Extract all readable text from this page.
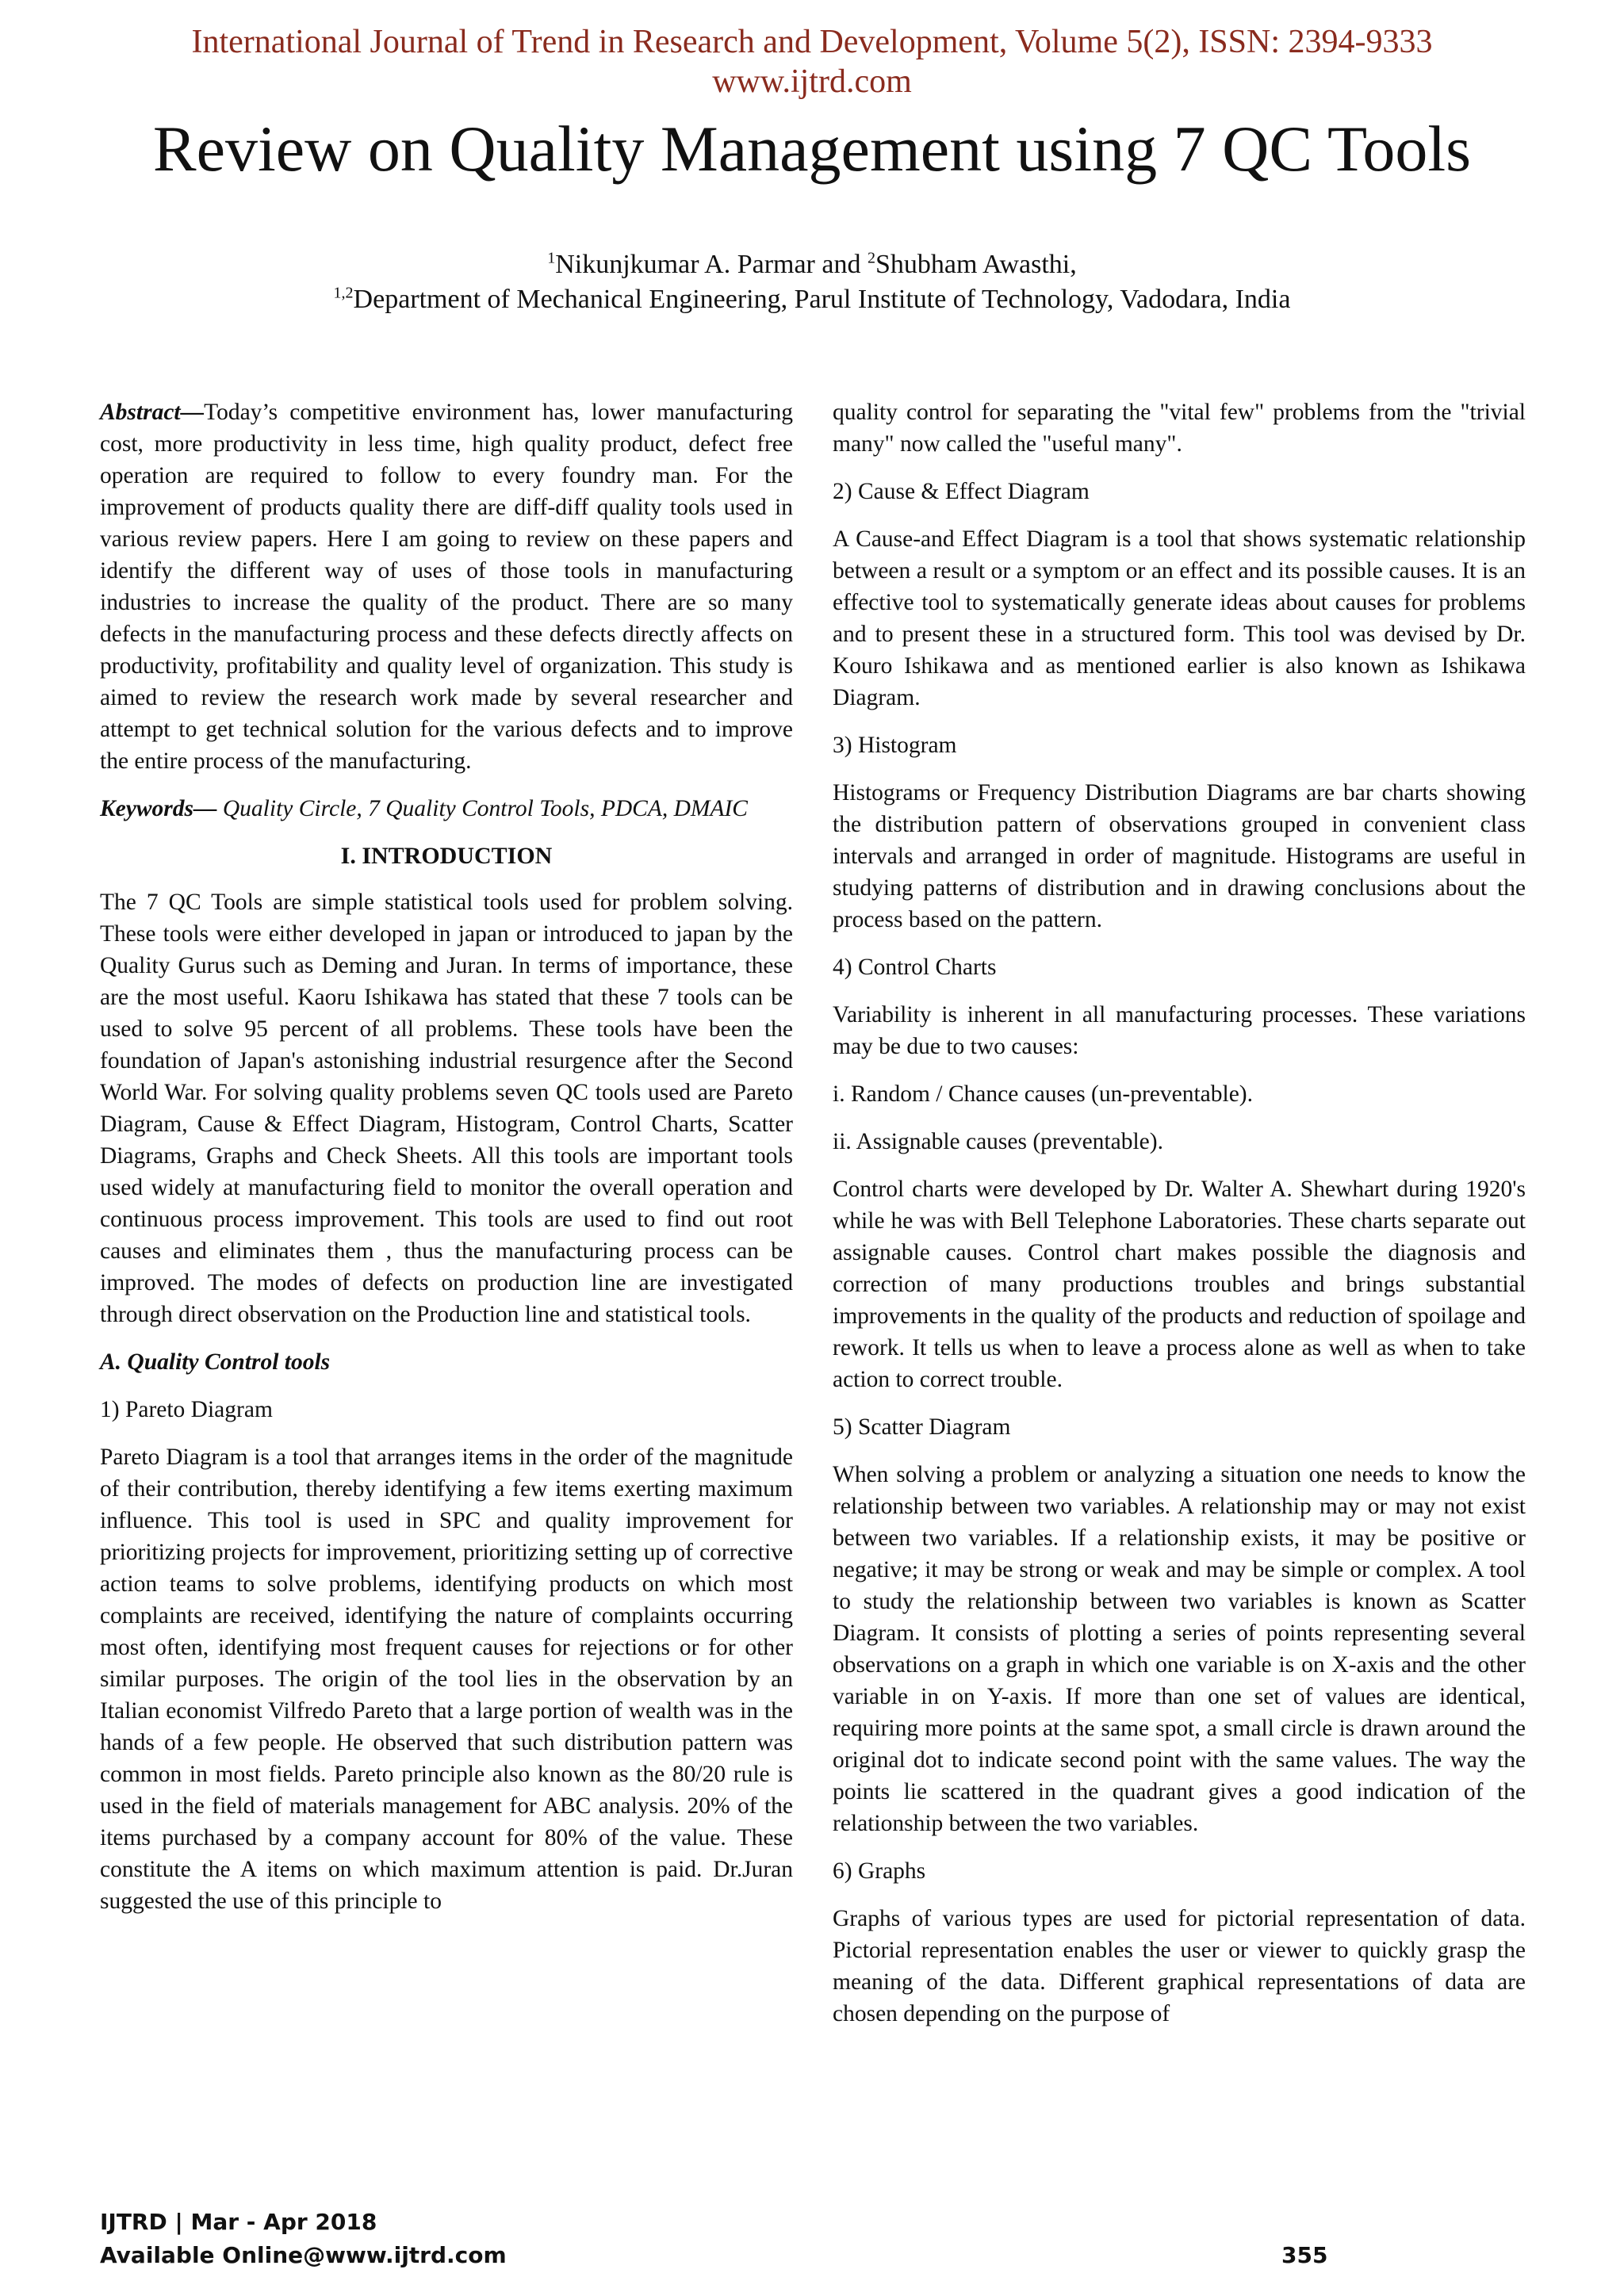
International Journal of Trend in Research and Development, Volume 5(2), ISSN: 2394-9333
www.ijtrd.com
Review on Quality Management using 7 QC Tools
$^1$Nikunjkumar A. Parmar and $^2$Shubham Awasthi,
$^{1,2}$Department of Mechanical Engineering, Parul Institute of Technology, Vadodara, India

Abstract—Today’s competitive environment has, lower manufacturing cost, more productivity in less time, high quality product, defect free operation are required to follow to every foundry man. For the improvement of products quality there are diff-diff quality tools used in various review papers. Here I am going to review on these papers and identify the different way of uses of those tools in manufacturing industries to increase the quality of the product. There are so many defects in the manufacturing process and these defects directly affects on productivity, profitability and quality level of organization. This study is aimed to review the research work made by several researcher and attempt to get technical solution for the various defects and to improve the entire process of the manufacturing.

Keywords— Quality Circle, 7 Quality Control Tools, PDCA, DMAIC

I. INTRODUCTION

The 7 QC Tools are simple statistical tools used for problem solving. These tools were either developed in japan or introduced to japan by the Quality Gurus such as Deming and Juran. In terms of importance, these are the most useful. Kaoru Ishikawa has stated that these 7 tools can be used to solve 95 percent of all problems. These tools have been the foundation of Japan's astonishing industrial resurgence after the Second World War. For solving quality problems seven QC tools used are Pareto Diagram, Cause & Effect Diagram, Histogram, Control Charts, Scatter Diagrams, Graphs and Check Sheets. All this tools are important tools used widely at manufacturing field to monitor the overall operation and continuous process improvement. This tools are used to find out root causes and eliminates them , thus the manufacturing process can be improved. The modes of defects on production line are investigated through direct observation on the Production line and statistical tools.

A. Quality Control tools

1) Pareto Diagram

Pareto Diagram is a tool that arranges items in the order of the magnitude of their contribution, thereby identifying a few items exerting maximum influence. This tool is used in SPC and quality improvement for prioritizing projects for improvement, prioritizing setting up of corrective action teams to solve problems, identifying products on which most complaints are received, identifying the nature of complaints occurring most often, identifying most frequent causes for rejections or for other similar purposes. The origin of the tool lies in the observation by an Italian economist Vilfredo Pareto that a large portion of wealth was in the hands of a few people. He observed that such distribution pattern was common in most fields. Pareto principle also known as the 80/20 rule is used in the field of materials management for ABC analysis. 20% of the items purchased by a company account for 80% of the value. These constitute the A items on which maximum attention is paid. Dr.Juran suggested the use of this principle to

quality control for separating the "vital few" problems from the "trivial many" now called the "useful many".

2) Cause & Effect Diagram

A Cause-and Effect Diagram is a tool that shows systematic relationship between a result or a symptom or an effect and its possible causes. It is an effective tool to systematically generate ideas about causes for problems and to present these in a structured form. This tool was devised by Dr. Kouro Ishikawa and as mentioned earlier is also known as Ishikawa Diagram.

3) Histogram

Histograms or Frequency Distribution Diagrams are bar charts showing the distribution pattern of observations grouped in convenient class intervals and arranged in order of magnitude. Histograms are useful in studying patterns of distribution and in drawing conclusions about the process based on the pattern.

4) Control Charts

Variability is inherent in all manufacturing processes. These variations may be due to two causes:

i. Random / Chance causes (un-preventable).

ii. Assignable causes (preventable).

Control charts were developed by Dr. Walter A. Shewhart during 1920's while he was with Bell Telephone Laboratories. These charts separate out assignable causes. Control chart makes possible the diagnosis and correction of many productions troubles and brings substantial improvements in the quality of the products and reduction of spoilage and rework. It tells us when to leave a process alone as well as when to take action to correct trouble.

5) Scatter Diagram

When solving a problem or analyzing a situation one needs to know the relationship between two variables. A relationship may or may not exist between two variables. If a relationship exists, it may be positive or negative; it may be strong or weak and may be simple or complex. A tool to study the relationship between two variables is known as Scatter Diagram. It consists of plotting a series of points representing several observations on a graph in which one variable is on X-axis and the other variable in on Y-axis. If more than one set of values are identical, requiring more points at the same spot, a small circle is drawn around the original dot to indicate second point with the same values. The way the points lie scattered in the quadrant gives a good indication of the relationship between the two variables.

6) Graphs

Graphs of various types are used for pictorial representation of data. Pictorial representation enables the user or viewer to quickly grasp the meaning of the data. Different graphical representations of data are chosen depending on the purpose of

IJTRD | Mar - Apr 2018
Available Online@www.ijtrd.com	355
